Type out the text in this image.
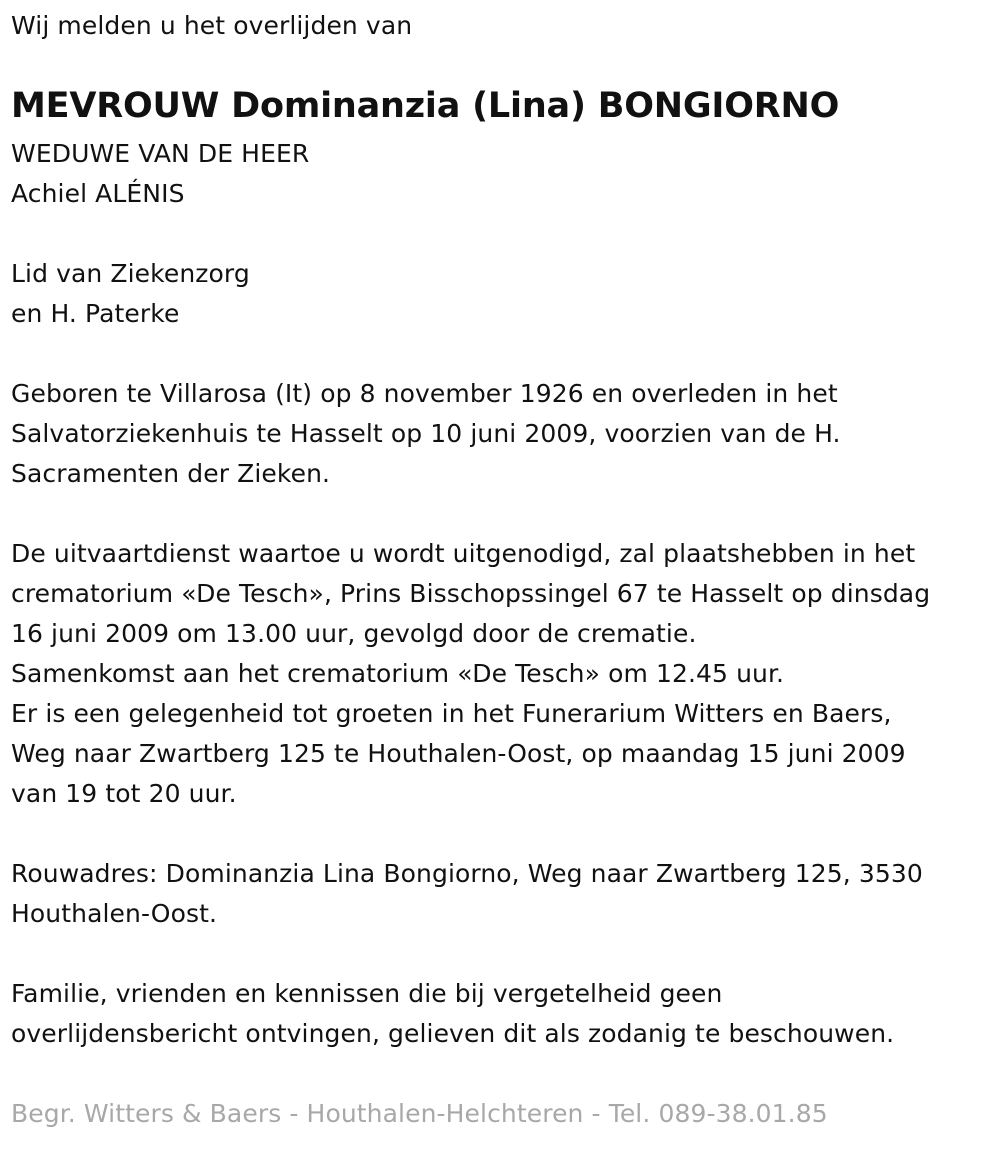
Wij melden u het overlijden van
MEVROUW Dominanzia (Lina) BONGIORNO
WEDUWE VAN DE HEER
Achiel ALÉNIS
Lid van Ziekenzorg
en H. Paterke
Geboren te Villarosa (It) op 8 november 1926 en overleden in het
Salvatorziekenhuis te Hasselt op 10 juni 2009, voorzien van de H.
Sacramenten der Zieken.
De uitvaartdienst waartoe u wordt uitgenodigd, zal plaatshebben in het
crematorium «De Tesch», Prins Bisschopssingel 67 te Hasselt op dinsdag
16 juni 2009 om 13.00 uur, gevolgd door de crematie.
Samenkomst aan het crematorium «De Tesch» om 12.45 uur.
Er is een gelegenheid tot groeten in het Funerarium Witters en Baers,
Weg naar Zwartberg 125 te Houthalen-Oost, op maandag 15 juni 2009
van 19 tot 20 uur.
Rouwadres: Dominanzia Lina Bongiorno, Weg naar Zwartberg 125, 3530
Houthalen-Oost.
Familie, vrienden en kennissen die bij vergetelheid geen
overlijdensbericht ontvingen, gelieven dit als zodanig te beschouwen.
Begr. Witters & Baers - Houthalen-Helchteren - Tel. 089-38.01.85
